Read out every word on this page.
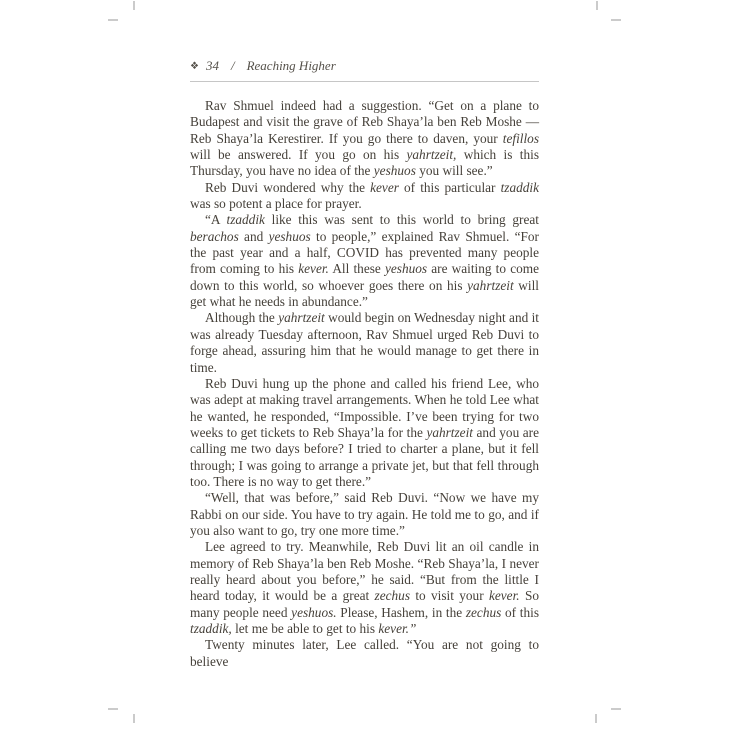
❖ 34 / Reaching Higher

Rav Shmuel indeed had a suggestion. “Get on a plane to Budapest and visit the grave of Reb Shaya’la ben Reb Moshe — Reb Shaya’la Kerestirer. If you go there to daven, your tefillos will be answered. If you go on his yahrtzeit, which is this Thursday, you have no idea of the yeshuos you will see.”

Reb Duvi wondered why the kever of this particular tzaddik was so potent a place for prayer.

“A tzaddik like this was sent to this world to bring great berachos and yeshuos to people,” explained Rav Shmuel. “For the past year and a half, COVID has prevented many people from coming to his kever. All these yeshuos are waiting to come down to this world, so whoever goes there on his yahrtzeit will get what he needs in abundance.”

Although the yahrtzeit would begin on Wednesday night and it was already Tuesday afternoon, Rav Shmuel urged Reb Duvi to forge ahead, assuring him that he would manage to get there in time.

Reb Duvi hung up the phone and called his friend Lee, who was adept at making travel arrangements. When he told Lee what he wanted, he responded, “Impossible. I’ve been trying for two weeks to get tickets to Reb Shaya’la for the yahrtzeit and you are calling me two days before? I tried to charter a plane, but it fell through; I was going to arrange a private jet, but that fell through too. There is no way to get there.”

“Well, that was before,” said Reb Duvi. “Now we have my Rabbi on our side. You have to try again. He told me to go, and if you also want to go, try one more time.”

Lee agreed to try. Meanwhile, Reb Duvi lit an oil candle in memory of Reb Shaya’la ben Reb Moshe. “Reb Shaya’la, I never really heard about you before,” he said. “But from the little I heard today, it would be a great zechus to visit your kever. So many people need yeshuos. Please, Hashem, in the zechus of this tzaddik, let me be able to get to his kever.”

Twenty minutes later, Lee called. “You are not going to believe
